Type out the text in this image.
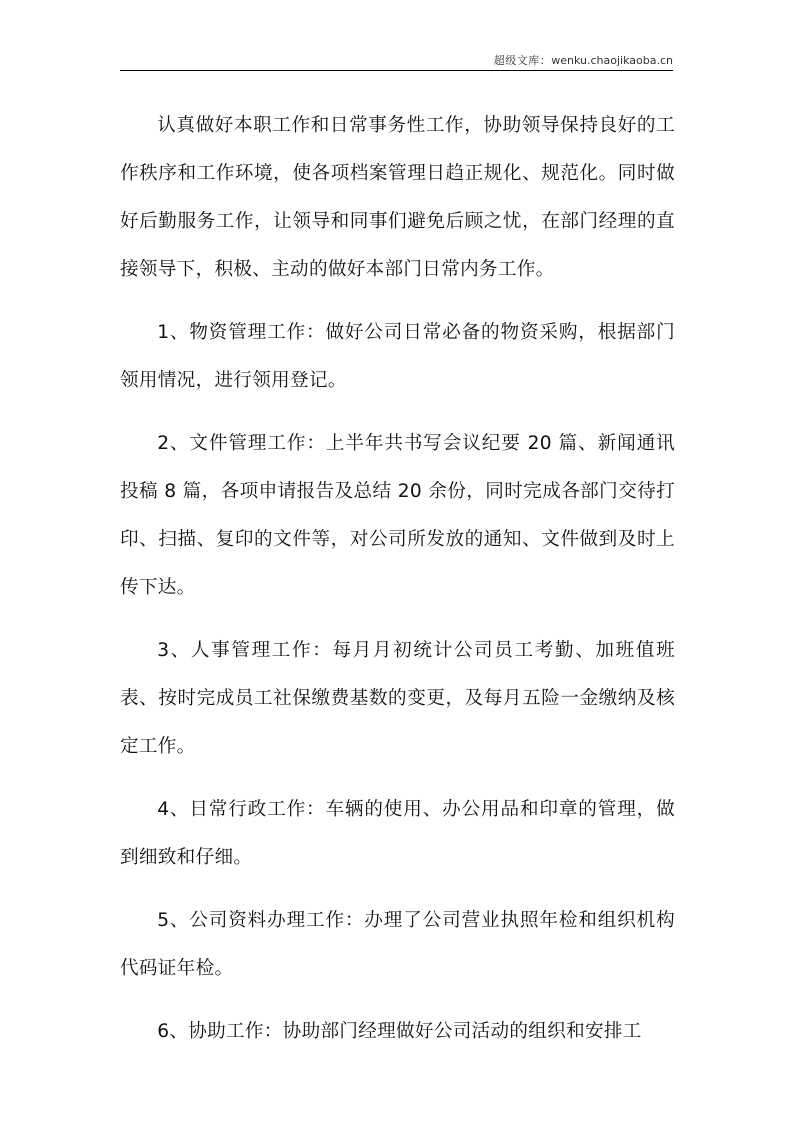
超级文库：wenku.chaojikaoba.cn

认真做好本职工作和日常事务性工作，协助领导保持良好的工作秩序和工作环境，使各项档案管理日趋正规化、规范化。同时做好后勤服务工作，让领导和同事们避免后顾之忧，在部门经理的直接领导下，积极、主动的做好本部门日常内务工作。

1、物资管理工作：做好公司日常必备的物资采购，根据部门领用情况，进行领用登记。

2、文件管理工作：上半年共书写会议纪要 20 篇、新闻通讯投稿 8 篇，各项申请报告及总结 20 余份，同时完成各部门交待打印、扫描、复印的文件等，对公司所发放的通知、文件做到及时上传下达。

3、人事管理工作：每月月初统计公司员工考勤、加班值班表、按时完成员工社保缴费基数的变更，及每月五险一金缴纳及核定工作。

4、日常行政工作：车辆的使用、办公用品和印章的管理，做到细致和仔细。

5、公司资料办理工作：办理了公司营业执照年检和组织机构代码证年检。

6、协助工作：协助部门经理做好公司活动的组织和安排工
